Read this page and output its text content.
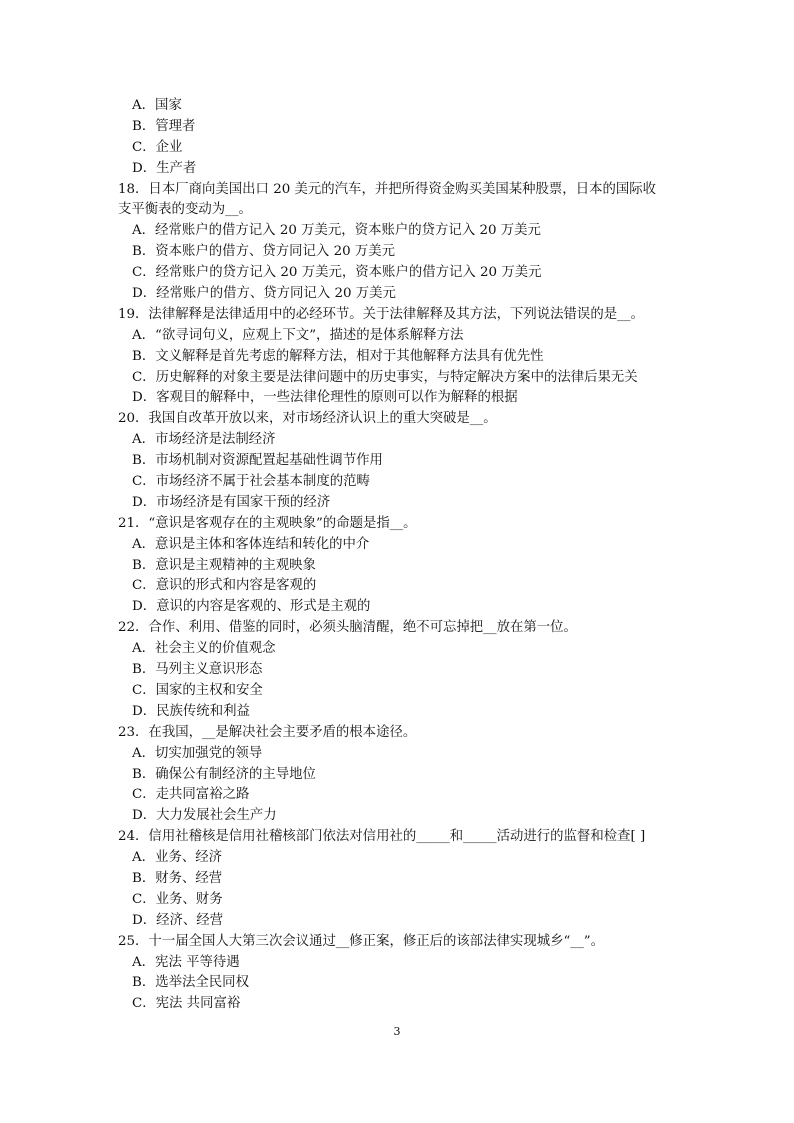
A．国家
B．管理者
C．企业
D．生产者
18．日本厂商向美国出口 20 美元的汽车，并把所得资金购买美国某种股票，日本的国际收
支平衡表的变动为__。
A．经常账户的借方记入 20 万美元，资本账户的贷方记入 20 万美元
B．资本账户的借方、贷方同记入 20 万美元
C．经常账户的贷方记入 20 万美元，资本账户的借方记入 20 万美元
D．经常账户的借方、贷方同记入 20 万美元
19．法律解释是法律适用中的必经环节。关于法律解释及其方法，下列说法错误的是__。
A．“欲寻词句义，应观上下文”，描述的是体系解释方法
B．文义解释是首先考虑的解释方法，相对于其他解释方法具有优先性
C．历史解释的对象主要是法律问题中的历史事实，与特定解决方案中的法律后果无关
D．客观目的解释中，一些法律伦理性的原则可以作为解释的根据
20．我国自改革开放以来，对市场经济认识上的重大突破是__。
A．市场经济是法制经济
B．市场机制对资源配置起基础性调节作用
C．市场经济不属于社会基本制度的范畴
D．市场经济是有国家干预的经济
21．“意识是客观存在的主观映象”的命题是指__。
A．意识是主体和客体连结和转化的中介
B．意识是主观精神的主观映象
C．意识的形式和内容是客观的
D．意识的内容是客观的、形式是主观的
22．合作、利用、借鉴的同时，必须头脑清醒，绝不可忘掉把__放在第一位。
A．社会主义的价值观念
B．马列主义意识形态
C．国家的主权和安全
D．民族传统和利益
23．在我国，__是解决社会主要矛盾的根本途径。
A．切实加强党的领导
B．确保公有制经济的主导地位
C．走共同富裕之路
D．大力发展社会生产力
24．信用社稽核是信用社稽核部门依法对信用社的_____和_____活动进行的监督和检查[ ]
A．业务、经济
B．财务、经营
C．业务、财务
D．经济、经营
25．十一届全国人大第三次会议通过__修正案，修正后的该部法律实现城乡“__”。
A．宪法 平等待遇
B．选举法全民同权
C．宪法 共同富裕
3
